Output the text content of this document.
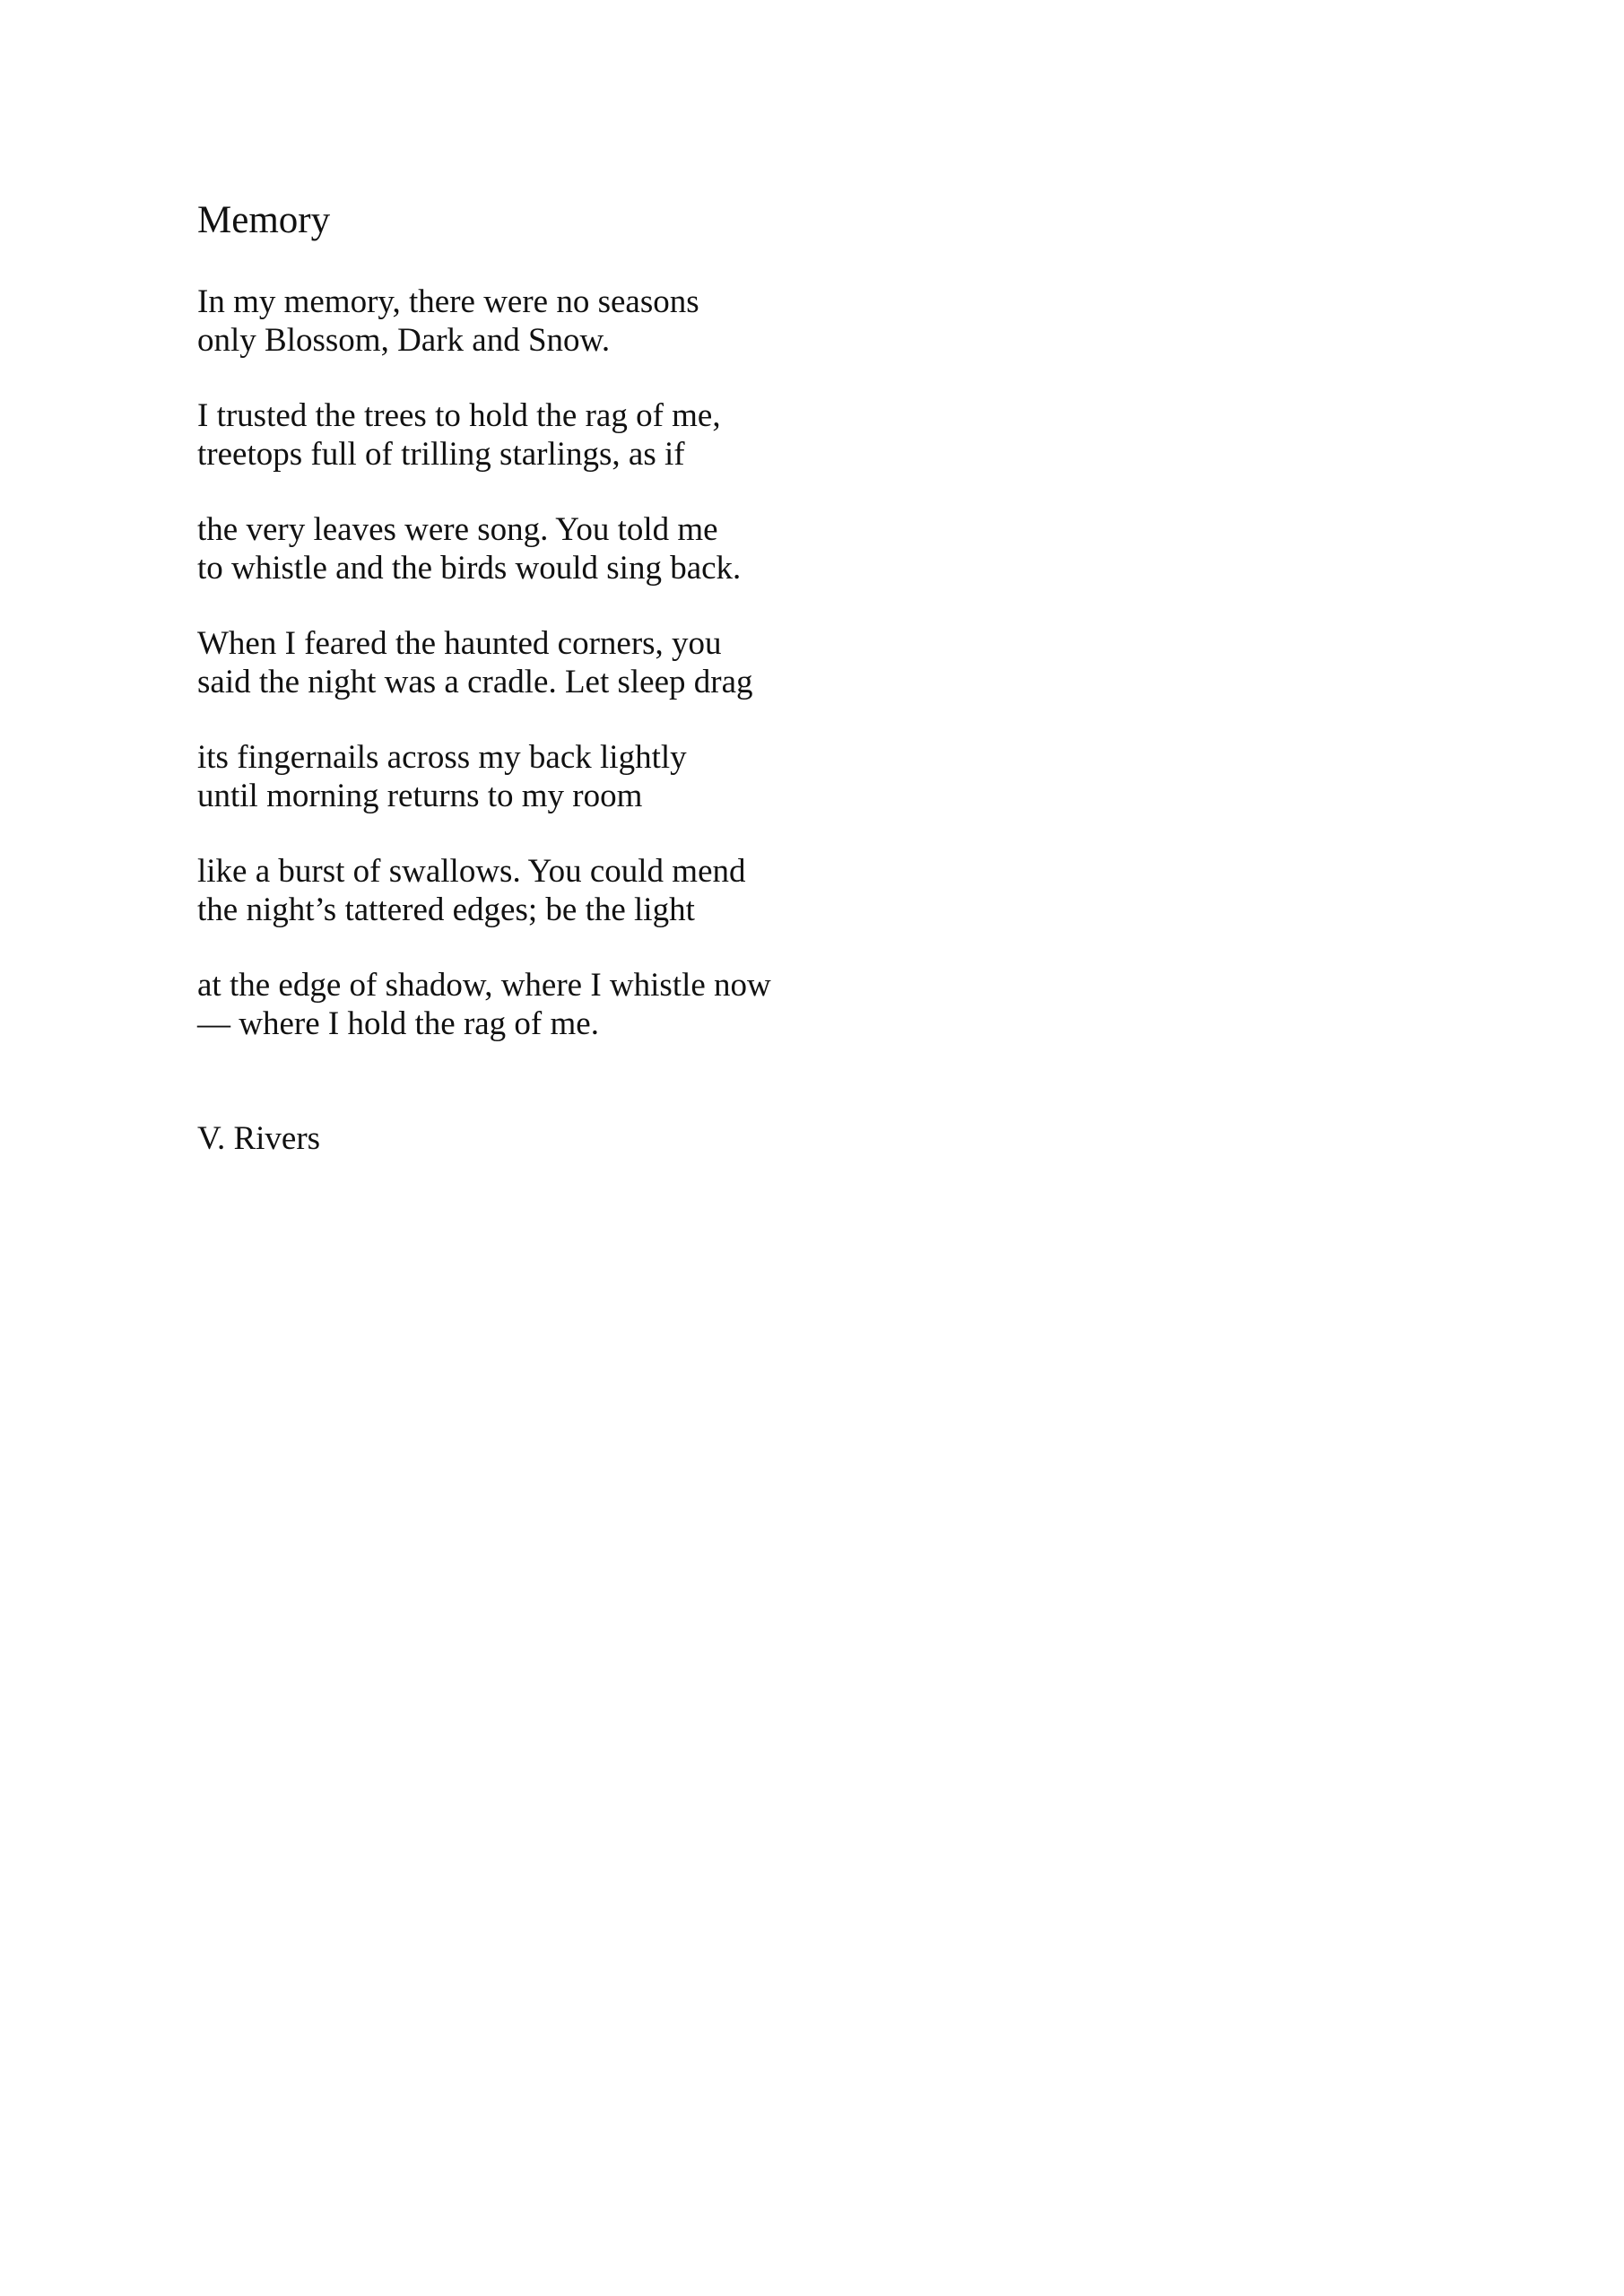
Memory
In my memory, there were no seasons
only Blossom, Dark and Snow.
I trusted the trees to hold the rag of me,
treetops full of trilling starlings, as if
the very leaves were song. You told me
to whistle and the birds would sing back.
When I feared the haunted corners, you
said the night was a cradle. Let sleep drag
its fingernails across my back lightly
until morning returns to my room
like a burst of swallows. You could mend
the night’s tattered edges; be the light
at the edge of shadow, where I whistle now
— where I hold the rag of me.
V. Rivers
